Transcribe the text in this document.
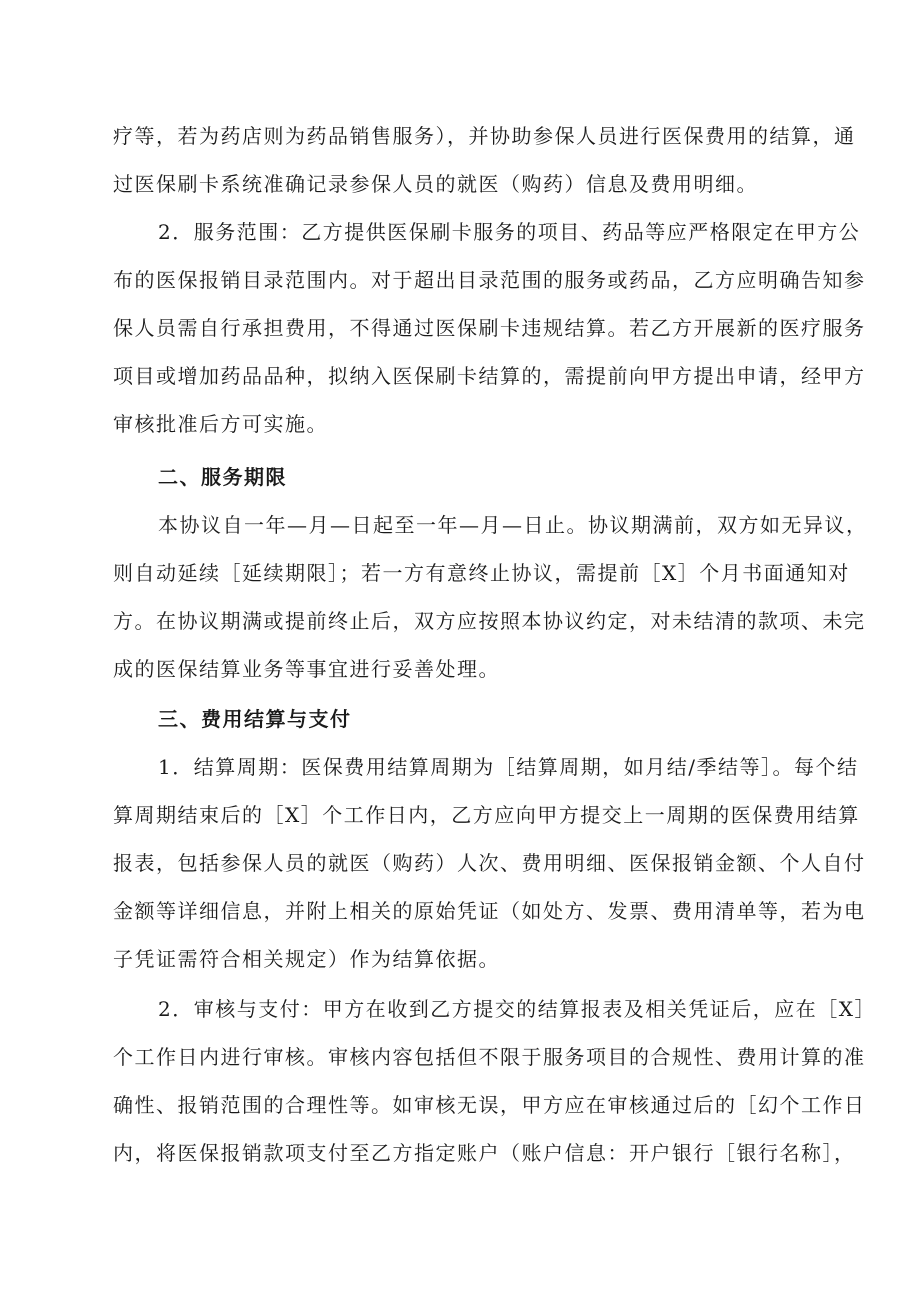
疗等，若为药店则为药品销售服务），并协助参保人员进行医保费用的结算，通
过医保刷卡系统准确记录参保人员的就医（购药）信息及费用明细。
2．服务范围：乙方提供医保刷卡服务的项目、药品等应严格限定在甲方公
布的医保报销目录范围内。对于超出目录范围的服务或药品，乙方应明确告知参
保人员需自行承担费用，不得通过医保刷卡违规结算。若乙方开展新的医疗服务
项目或增加药品品种，拟纳入医保刷卡结算的，需提前向甲方提出申请，经甲方
审核批准后方可实施。
二、服务期限
本协议自一年—月—日起至一年—月—日止。协议期满前，双方如无异议，
则自动延续［延续期限］；若一方有意终止协议，需提前［X］个月书面通知对
方。在协议期满或提前终止后，双方应按照本协议约定，对未结清的款项、未完
成的医保结算业务等事宜进行妥善处理。
三、费用结算与支付
1．结算周期：医保费用结算周期为［结算周期，如月结/季结等］。每个结
算周期结束后的［X］个工作日内，乙方应向甲方提交上一周期的医保费用结算
报表，包括参保人员的就医（购药）人次、费用明细、医保报销金额、个人自付
金额等详细信息，并附上相关的原始凭证（如处方、发票、费用清单等，若为电
子凭证需符合相关规定）作为结算依据。
2．审核与支付：甲方在收到乙方提交的结算报表及相关凭证后，应在［X］
个工作日内进行审核。审核内容包括但不限于服务项目的合规性、费用计算的准
确性、报销范围的合理性等。如审核无误，甲方应在审核通过后的［幻个工作日
内，将医保报销款项支付至乙方指定账户（账户信息：开户银行［银行名称］，
